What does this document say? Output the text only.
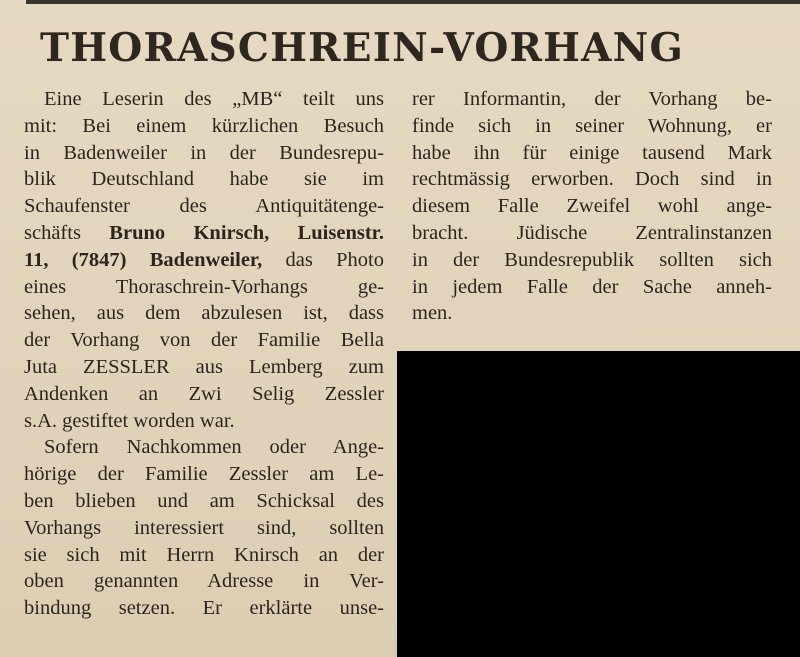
THORASCHREIN-VORHANG
Eine Leserin des „MB“ teilt uns
mit: Bei einem kürzlichen Besuch
in Badenweiler in der Bundesrepu-
blik Deutschland habe sie im
Schaufenster des Antiquitätenge-
schäfts Bruno Knirsch, Luisenstr.
11, (7847) Badenweiler, das Photo
eines Thoraschrein-Vorhangs ge-
sehen, aus dem abzulesen ist, dass
der Vorhang von der Familie Bella
Juta ZESSLER aus Lemberg zum
Andenken an Zwi Selig Zessler
s.A. gestiftet worden war.
Sofern Nachkommen oder Ange-
hörige der Familie Zessler am Le-
ben blieben und am Schicksal des
Vorhangs interessiert sind, sollten
sie sich mit Herrn Knirsch an der
oben genannten Adresse in Ver-
bindung setzen. Er erklärte unse-
rer Informantin, der Vorhang be-
finde sich in seiner Wohnung, er
habe ihn für einige tausend Mark
rechtmässig erworben. Doch sind in
diesem Falle Zweifel wohl ange-
bracht. Jüdische Zentralinstanzen
in der Bundesrepublik sollten sich
in jedem Falle der Sache anneh-
men.
